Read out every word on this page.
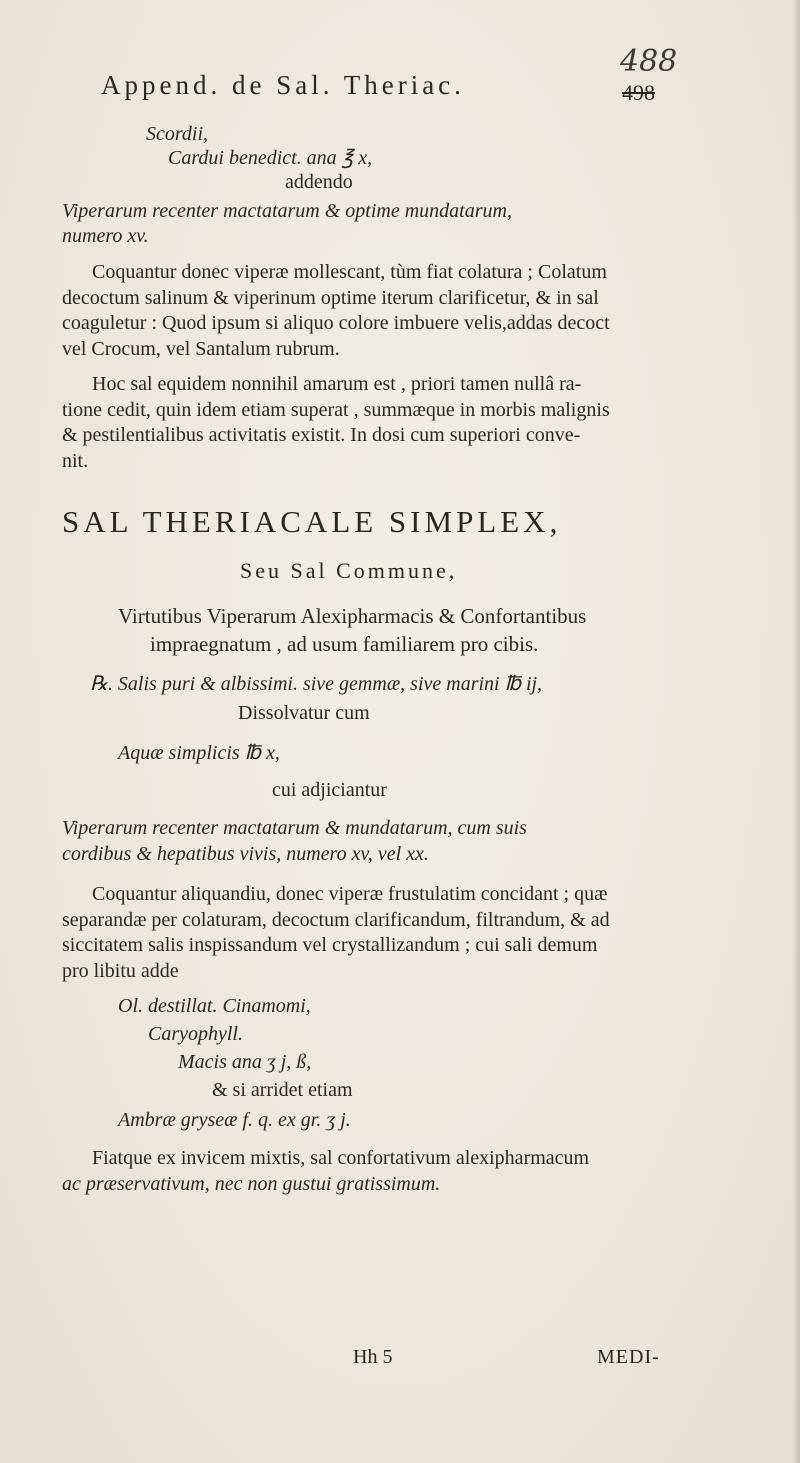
Append. de Sal. Theriac.
488
498
Scordii,
Cardui benedict. ana ℥ x,
addendo
Viperarum recenter mactatarum & optime mundatarum,
numero xv.
Coquantur donec viperæ mollescant, tùm fiat colatura ; Colatum
decoctum salinum & viperinum optime iterum clarificetur, & in sal
coaguletur : Quod ipsum si aliquo colore imbuere velis,addas decoct
vel Crocum, vel Santalum rubrum.
Hoc sal equidem nonnihil amarum est , priori tamen nullâ ra-
tione cedit, quin idem etiam superat , summæque in morbis malignis
& pestilentialibus activitatis existit. In dosi cum superiori conve-
nit.
SAL THERIACALE SIMPLEX,
Seu Sal Commune,
Virtutibus Viperarum Alexipharmacis & Confortantibus
impraegnatum , ad usum familiarem pro cibis.
℞. Salis puri & albissimi. sive gemmæ, sive marini ℔ ij,
Dissolvatur cum
Aquæ simplicis ℔ x,
cui adjiciantur
Viperarum recenter mactatarum & mundatarum, cum suis
cordibus & hepatibus vivis, numero xv, vel xx.
Coquantur aliquandiu, donec viperæ frustulatim concidant ; quæ
separandæ per colaturam, decoctum clarificandum, filtrandum, & ad
siccitatem salis inspissandum vel crystallizandum ; cui sali demum
pro libitu adde
Ol. destillat. Cinamomi,
Caryophyll.
Macis ana ʒ j, ß,
& si arridet etiam
Ambræ gryseæ f. q. ex gr. ʒ j.
Fiatque ex invicem mixtis, sal confortativum alexipharmacum
ac præservativum, nec non gustui gratissimum.
Hh 5	MEDI-
